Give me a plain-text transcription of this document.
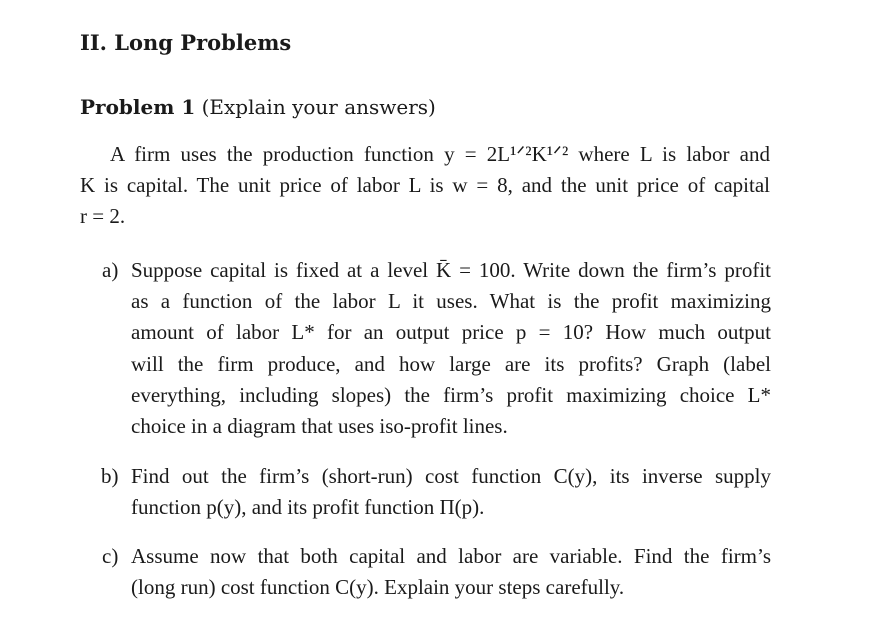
II. Long Problems
Problem 1 (Explain your answers)
A firm uses the production function y = 2L¹ᐟ²K¹ᐟ² where L is labor and
K is capital. The unit price of labor L is w = 8, and the unit price of capital
r = 2.
a) Suppose capital is fixed at a level K̄ = 100. Write down the firm’s profit
as a function of the labor L it uses. What is the profit maximizing
amount of labor L* for an output price p = 10? How much output
will the firm produce, and how large are its profits? Graph (label
everything, including slopes) the firm’s profit maximizing choice L*
choice in a diagram that uses iso-profit lines.
b) Find out the firm’s (short-run) cost function C(y), its inverse supply
function p(y), and its profit function Π(p).
c) Assume now that both capital and labor are variable. Find the firm’s
(long run) cost function C(y). Explain your steps carefully.
